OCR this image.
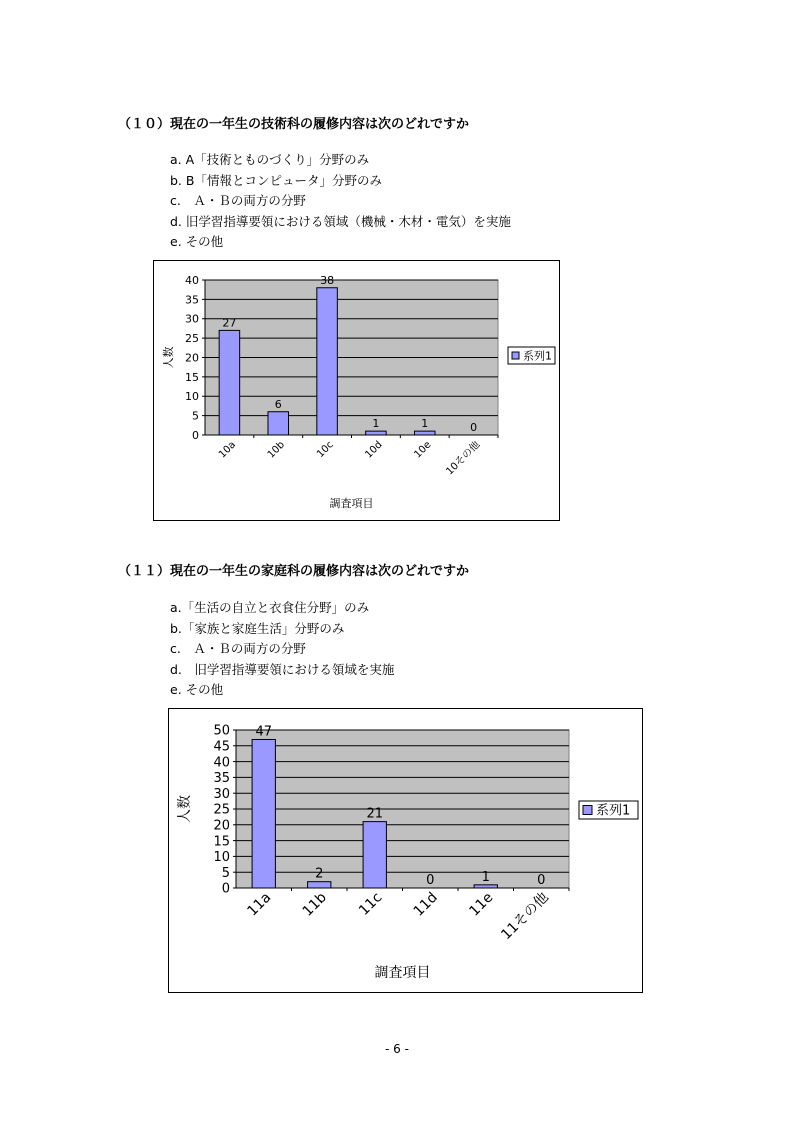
（１０）現在の一年生の技術科の履修内容は次のどれですか
a. A「技術とものづくり」分野のみ
b. B「情報とコンピュータ」分野のみ
c.　Ａ・Ｂの両方の分野
d. 旧学習指導要領における領域（機械・木材・電気）を実施
e. その他
0
5
10
15
20
25
30
35
40
27
10a
6
10b
38
10c
1
10d
1
10e
0
10その他
調査項目
人数	系列1
（１１）現在の一年生の家庭科の履修内容は次のどれですか
a.「生活の自立と衣食住分野」のみ
b.「家族と家庭生活」分野のみ
c.　Ａ・Ｂの両方の分野
d.　旧学習指導要領における領域を実施
e. その他
0
5
10
15
20
25
30
35
40
45
50 47
11a
2
11b
21
11c
0
11d
1
11e
0
11その他
調査項目
人数	系列1
- 6 -
